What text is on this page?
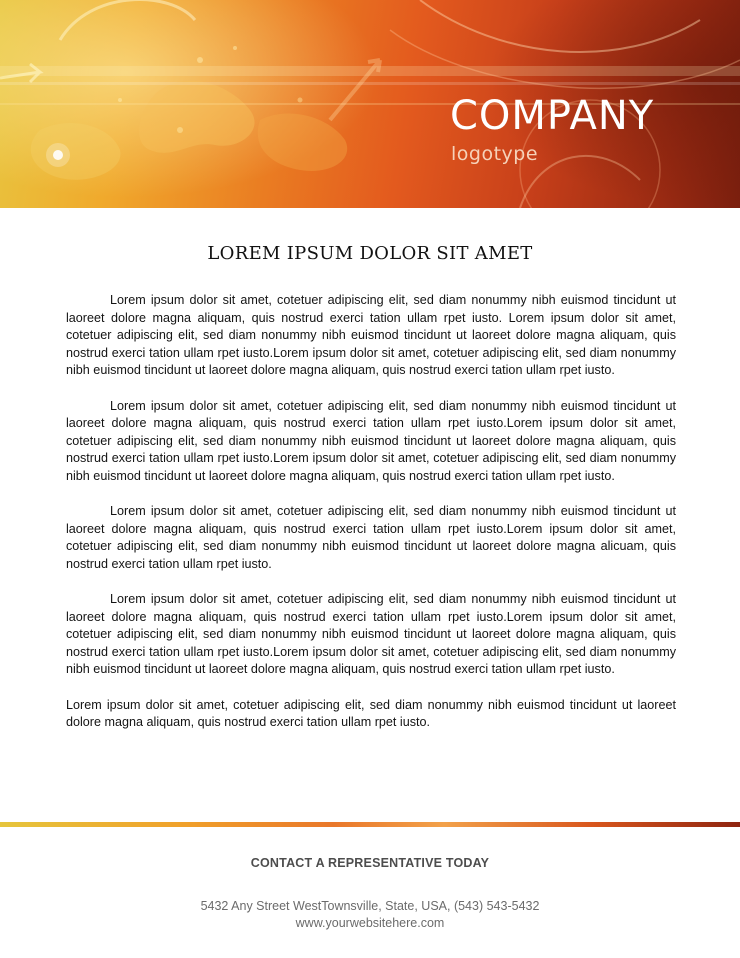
COMPANY
logotype
LOREM IPSUM DOLOR SIT AMET

Lorem ipsum dolor sit amet, cotetuer adipiscing elit, sed diam nonummy nibh euismod tincidunt ut laoreet dolore magna aliquam, quis nostrud exerci tation ullam rpet iusto. Lorem ipsum dolor sit amet, cotetuer adipiscing elit, sed diam nonummy nibh euismod tincidunt ut laoreet dolore magna aliquam, quis nostrud exerci tation ullam rpet iusto.Lorem ipsum dolor sit amet, cotetuer adipiscing elit, sed diam nonummy nibh euismod tincidunt ut laoreet dolore magna aliquam, quis nostrud exerci tation ullam rpet iusto.

Lorem ipsum dolor sit amet, cotetuer adipiscing elit, sed diam nonummy nibh euismod tincidunt ut laoreet dolore magna aliquam, quis nostrud exerci tation ullam rpet iusto.Lorem ipsum dolor sit amet, cotetuer adipiscing elit, sed diam nonummy nibh euismod tincidunt ut laoreet dolore magna aliquam, quis nostrud exerci tation ullam rpet iusto.Lorem ipsum dolor sit amet, cotetuer adipiscing elit, sed diam nonummy nibh euismod tincidunt ut laoreet dolore magna aliquam, quis nostrud exerci tation ullam rpet iusto.

Lorem ipsum dolor sit amet, cotetuer adipiscing elit, sed diam nonummy nibh euismod tincidunt ut laoreet dolore magna aliquam, quis nostrud exerci tation ullam rpet iusto.Lorem ipsum dolor sit amet, cotetuer adipiscing elit, sed diam nonummy nibh euismod tincidunt ut laoreet dolore magna alicuam, quis nostrud exerci tation ullam rpet iusto.

Lorem ipsum dolor sit amet, cotetuer adipiscing elit, sed diam nonummy nibh euismod tincidunt ut laoreet dolore magna aliquam, quis nostrud exerci tation ullam rpet iusto.Lorem ipsum dolor sit amet, cotetuer adipiscing elit, sed diam nonummy nibh euismod tincidunt ut laoreet dolore magna aliquam, quis nostrud exerci tation ullam rpet iusto.Lorem ipsum dolor sit amet, cotetuer adipiscing elit, sed diam nonummy nibh euismod tincidunt ut laoreet dolore magna aliquam, quis nostrud exerci tation ullam rpet iusto.

Lorem ipsum dolor sit amet, cotetuer adipiscing elit, sed diam nonummy nibh euismod tincidunt ut laoreet dolore magna aliquam, quis nostrud exerci tation ullam rpet iusto.

CONTACT A REPRESENTATIVE TODAY
5432 Any Street WestTownsville, State, USA, (543) 543-5432
www.yourwebsitehere.com
